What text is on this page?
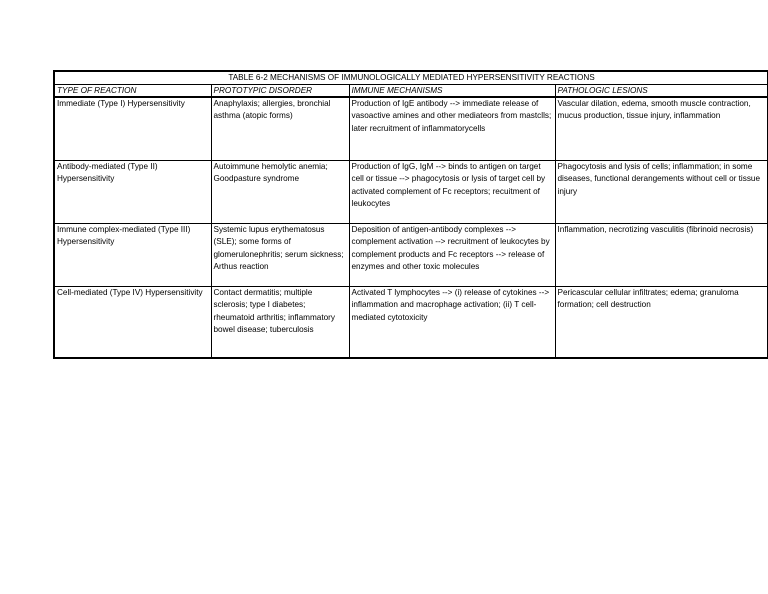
TABLE 6-2 MECHANISMS OF IMMUNOLOGICALLY MEDIATED HYPERSENSITIVITY REACTIONS			
TYPE OF REACTION	PROTOTYPIC DISORDER	IMMUNE MECHANISMS	PATHOLOGIC LESIONS
Immediate (Type I) Hypersensitivity	Anaphylaxis; allergies, bronchial asthma (atopic forms)	Production of IgE antibody --> immediate release of vasoactive amines and other mediateors from mastclls; later recruitment of inflammatorycells	Vascular dilation, edema, smooth muscle contraction, mucus production, tissue injury, inflammation
Antibody-mediated (Type II) Hypersensitivity	Autoimmune hemolytic anemia; Goodpasture syndrome	Production of IgG, IgM --> binds to antigen on target cell or tissue --> phagocytosis or lysis of target cell by activated complement of Fc receptors; recuitment of leukocytes	Phagocytosis and lysis of cells; inflammation; in some diseases, functional derangements without cell or tissue injury
Immune complex-mediated (Type III) Hypersensitivity	Systemic lupus erythematosus (SLE); some forms of glomerulonephritis; serum sickness; Arthus reaction	Deposition of antigen-antibody complexes --> complement activation --> recruitment of leukocytes by complement products and Fc receptors --> release of enzymes and other toxic molecules	Inflammation, necrotizing vasculitis (fibrinoid necrosis)
Cell-mediated (Type IV) Hypersensitivity	Contact dermatitis; multiple sclerosis; type I diabetes; rheumatoid arthritis; inflammatory bowel disease; tuberculosis	Activated T lymphocytes --> (i) release of cytokines --> inflammation and macrophage activation; (ii) T cell-mediated cytotoxicity	Pericascular cellular infiltrates; edema; granuloma formation; cell destruction
